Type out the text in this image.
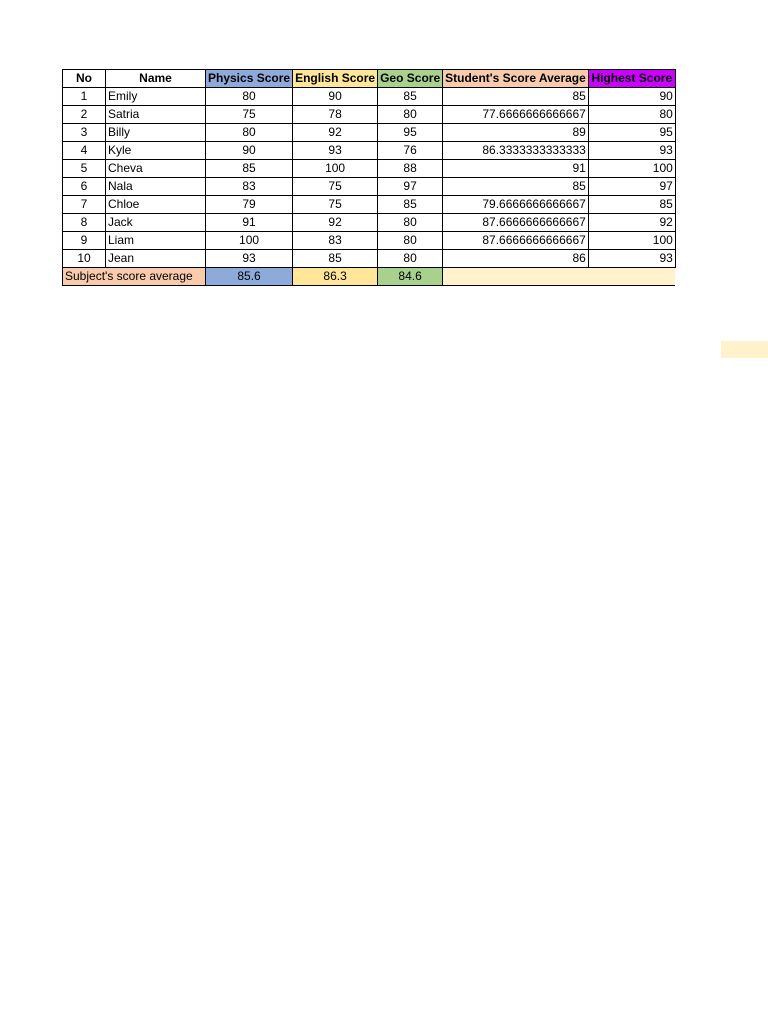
No	Name	Physics Score	English Score	Geo Score	Student's Score Average	Highest Score
1	Emily	80	90	85	85	90
2	Satria	75	78	80	77.6666666666667	80
3	Billy	80	92	95	89	95
4	Kyle	90	93	76	86.3333333333333	93
5	Cheva	85	100	88	91	100
6	Nala	83	75	97	85	97
7	Chloe	79	75	85	79.6666666666667	85
8	Jack	91	92	80	87.6666666666667	92
9	Liam	100	83	80	87.6666666666667	100
10	Jean	93	85	80	86	93
Subject's score average		85.6	86.3	84.6		
